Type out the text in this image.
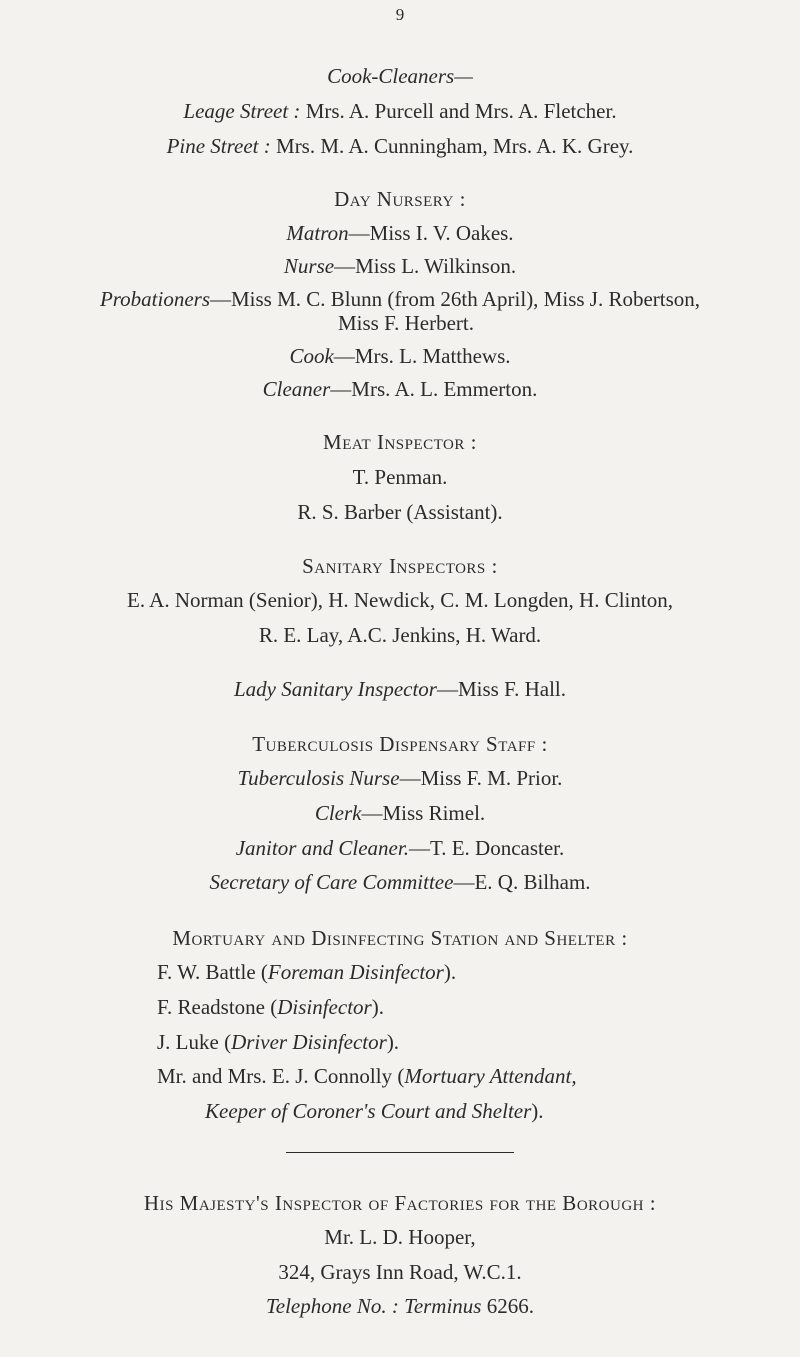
9
Cook-Cleaners—
Leage Street : Mrs. A. Purcell and Mrs. A. Fletcher.
Pine Street : Mrs. M. A. Cunningham, Mrs. A. K. Grey.
Day Nursery :
Matron—Miss I. V. Oakes.
Nurse—Miss L. Wilkinson.
Probationers—Miss M. C. Blunn (from 26th April), Miss J. Robertson,
Miss F. Herbert.
Cook—Mrs. L. Matthews.
Cleaner—Mrs. A. L. Emmerton.
Meat Inspector :
T. Penman.
R. S. Barber (Assistant).
Sanitary Inspectors :
E. A. Norman (Senior), H. Newdick, C. M. Longden, H. Clinton,
R. E. Lay, A.C. Jenkins, H. Ward.
Lady Sanitary Inspector—Miss F. Hall.
Tuberculosis Dispensary Staff :
Tuberculosis Nurse—Miss F. M. Prior.
Clerk—Miss Rimel.
Janitor and Cleaner.—T. E. Doncaster.
Secretary of Care Committee—E. Q. Bilham.
Mortuary and Disinfecting Station and Shelter :
F. W. Battle (Foreman Disinfector).
F. Readstone (Disinfector).
J. Luke (Driver Disinfector).
Mr. and Mrs. E. J. Connolly (Mortuary Attendant,
Keeper of Coroner's Court and Shelter).
His Majesty's Inspector of Factories for the Borough :
Mr. L. D. Hooper,
324, Grays Inn Road, W.C.1.
Telephone No. : Terminus 6266.
